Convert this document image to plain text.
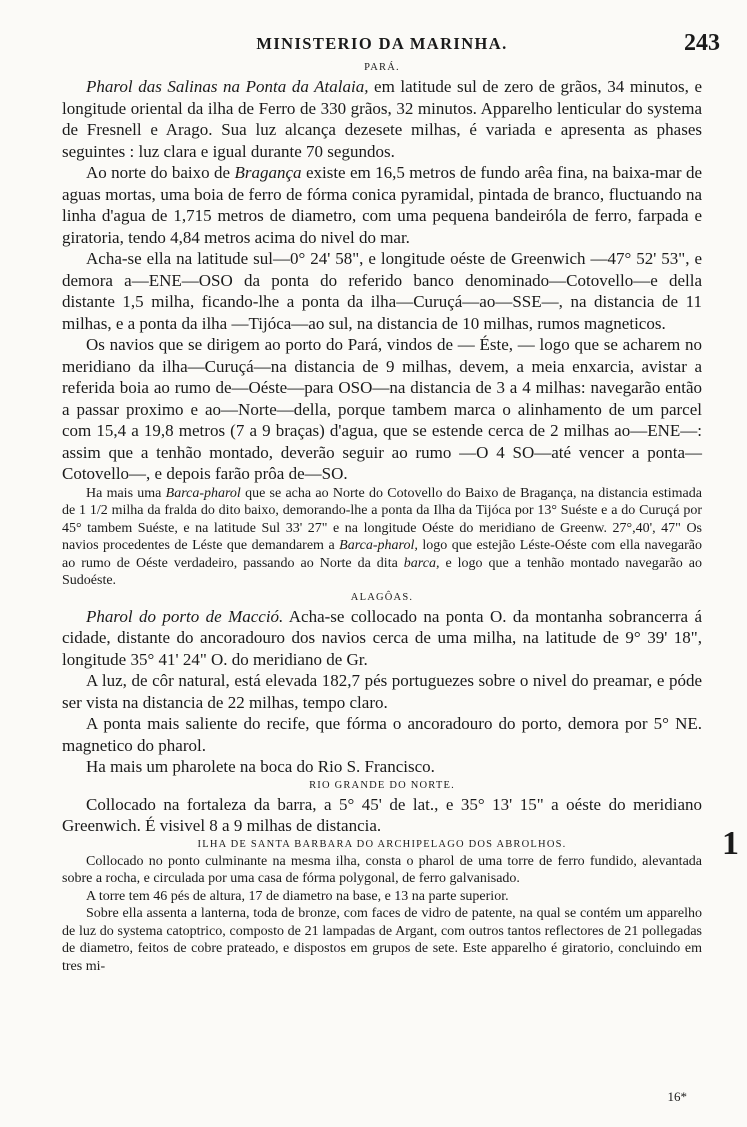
MINISTERIO DA MARINHA.	243
PARÁ.

Pharol das Salinas na Ponta da Atalaia, em latitude sul de zero de grãos, 34 minutos, e longitude oriental da ilha de Ferro de 330 grãos, 32 minutos. Apparelho lenticular do systema de Fresnell e Arago. Sua luz alcança dezesete milhas, é variada e apresenta as phases seguintes : luz clara e igual durante 70 segundos.

Ao norte do baixo de Bragança existe em 16,5 metros de fundo arêa fina, na baixa-mar de aguas mortas, uma boia de ferro de fórma conica pyramidal, pintada de branco, fluctuando na linha d'agua de 1,715 metros de diametro, com uma pequena bandeiróla de ferro, farpada e giratoria, tendo 4,84 metros acima do nivel do mar.

Acha-se ella na latitude sul—0° 24' 58", e longitude oéste de Greenwich —47° 52' 53", e demora a—ENE—OSO da ponta do referido banco denominado—Cotovello—e della distante 1,5 milha, ficando-lhe a ponta da ilha—Curuçá—ao—SSE—, na distancia de 11 milhas, e a ponta da ilha —Tijóca—ao sul, na distancia de 10 milhas, rumos magneticos.

Os navios que se dirigem ao porto do Pará, vindos de — Éste, — logo que se acharem no meridiano da ilha—Curuçá—na distancia de 9 milhas, devem, a meia enxarcia, avistar a referida boia ao rumo de—Oéste—para OSO—na distancia de 3 a 4 milhas: navegarão então a passar proximo e ao—Norte—della, porque tambem marca o alinhamento de um parcel com 15,4 a 19,8 metros (7 a 9 braças) d'agua, que se estende cerca de 2 milhas ao—ENE—: assim que a tenhão montado, deverão seguir ao rumo —O 4 SO—até vencer a ponta—Cotovello—, e depois farão prôa de—SO.

Ha mais uma Barca-pharol que se acha ao Norte do Cotovello do Baixo de Bragança, na distancia estimada de 1 1/2 milha da fralda do dito baixo, demorando-lhe a ponta da Ilha da Tijóca por 13° Suéste e a do Curuçá por 45° tambem Suéste, e na latitude Sul 33' 27" e na longitude Oéste do meridiano de Greenw. 27°,40', 47" Os navios procedentes de Léste que demandarem a Barca-pharol, logo que estejão Léste-Oéste com ella navegarão ao rumo de Oéste verdadeiro, passando ao Norte da dita barca, e logo que a tenhão montado navegarão ao Sudoéste.

ALAGÔAS.

Pharol do porto de Macció. Acha-se collocado na ponta O. da montanha sobrancerra á cidade, distante do ancoradouro dos navios cerca de uma milha, na latitude de 9° 39' 18", longitude 35° 41' 24" O. do meridiano de Gr.

A luz, de côr natural, está elevada 182,7 pés portuguezes sobre o nivel do preamar, e póde ser vista na distancia de 22 milhas, tempo claro.

A ponta mais saliente do recife, que fórma o ancoradouro do porto, demora por 5° NE. magnetico do pharol.

Ha mais um pharolete na boca do Rio S. Francisco.

RIO GRANDE DO NORTE.

Collocado na fortaleza da barra, a 5° 45' de lat., e 35° 13' 15" a oéste do meridiano Greenwich. É visivel 8 a 9 milhas de distancia.

ILHA DE SANTA BARBARA DO ARCHIPELAGO DOS ABROLHOS.

Collocado no ponto culminante na mesma ilha, consta o pharol de uma torre de ferro fundido, alevantada sobre a rocha, e circulada por uma casa de fórma polygonal, de ferro galvanisado.

A torre tem 46 pés de altura, 17 de diametro na base, e 13 na parte superior.

Sobre ella assenta a lanterna, toda de bronze, com faces de vidro de patente, na qual se contém um apparelho de luz do systema catoptrico, composto de 21 lampadas de Argant, com outros tantos reflectores de 21 pollegadas de diametro, feitos de cobre prateado, e dispostos em grupos de sete. Este apparelho é giratorio, concluindo em tres mi-

1
16*
